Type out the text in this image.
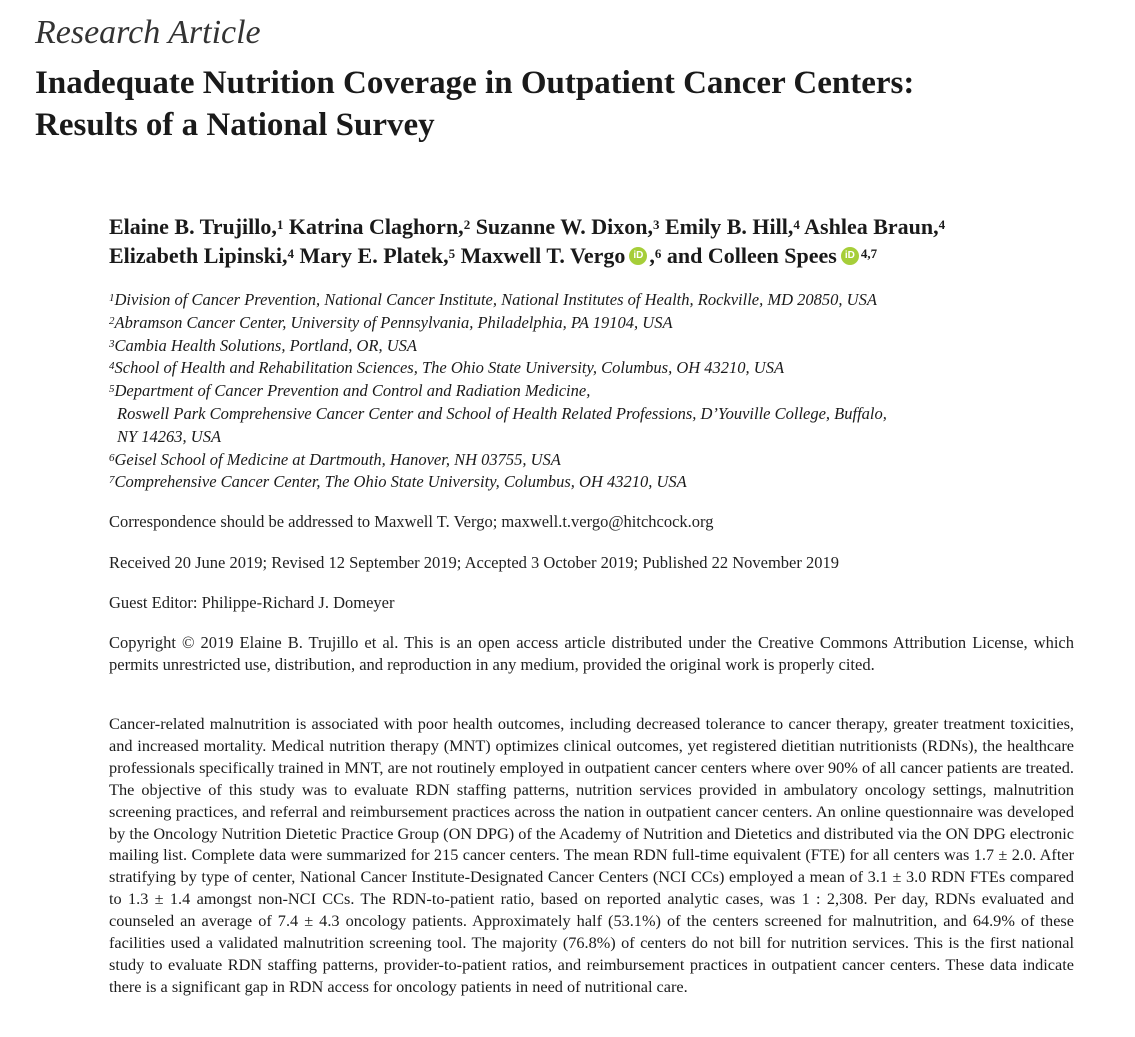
Research Article
Inadequate Nutrition Coverage in Outpatient Cancer Centers:
Results of a National Survey

Elaine B. Trujillo,$^1$ Katrina Claghorn,$^2$ Suzanne W. Dixon,$^3$ Emily B. Hill,$^4$ Ashlea Braun,$^4$
Elizabeth Lipinski,$^4$ Mary E. Platek,$^5$ Maxwell T. Vergo iD ,$^6$ and Colleen Spees iD $^{4,7}$

$^1$Division of Cancer Prevention, National Cancer Institute, National Institutes of Health, Rockville, MD 20850, USA
$^2$Abramson Cancer Center, University of Pennsylvania, Philadelphia, PA 19104, USA
$^3$Cambia Health Solutions, Portland, OR, USA
$^4$School of Health and Rehabilitation Sciences, The Ohio State University, Columbus, OH 43210, USA
$^5$Department of Cancer Prevention and Control and Radiation Medicine,
Roswell Park Comprehensive Cancer Center and School of Health Related Professions, D’Youville College, Buffalo,
NY 14263, USA
$^6$Geisel School of Medicine at Dartmouth, Hanover, NH 03755, USA
$^7$Comprehensive Cancer Center, The Ohio State University, Columbus, OH 43210, USA

Correspondence should be addressed to Maxwell T. Vergo; maxwell.t.vergo@hitchcock.org

Received 20 June 2019; Revised 12 September 2019; Accepted 3 October 2019; Published 22 November 2019

Guest Editor: Philippe-Richard J. Domeyer

Copyright © 2019 Elaine B. Trujillo et al. This is an open access article distributed under the Creative Commons Attribution License, which permits unrestricted use, distribution, and reproduction in any medium, provided the original work is properly cited.

Cancer-related malnutrition is associated with poor health outcomes, including decreased tolerance to cancer therapy, greater treatment toxicities, and increased mortality. Medical nutrition therapy (MNT) optimizes clinical outcomes, yet registered dietitian nutritionists (RDNs), the healthcare professionals specifically trained in MNT, are not routinely employed in outpatient cancer centers where over 90% of all cancer patients are treated. The objective of this study was to evaluate RDN staffing patterns, nutrition services provided in ambulatory oncology settings, malnutrition screening practices, and referral and reimbursement practices across the nation in outpatient cancer centers. An online questionnaire was developed by the Oncology Nutrition Dietetic Practice Group (ON DPG) of the Academy of Nutrition and Dietetics and distributed via the ON DPG electronic mailing list. Complete data were summarized for 215 cancer centers. The mean RDN full-time equivalent (FTE) for all centers was 1.7 ± 2.0. After stratifying by type of center, National Cancer Institute-Designated Cancer Centers (NCI CCs) employed a mean of 3.1 ± 3.0 RDN FTEs compared to 1.3 ± 1.4 amongst non-NCI CCs. The RDN-to-patient ratio, based on reported analytic cases, was 1 : 2,308. Per day, RDNs evaluated and counseled an average of 7.4 ± 4.3 oncology patients. Approximately half (53.1%) of the centers screened for malnutrition, and 64.9% of these facilities used a validated malnutrition screening tool. The majority (76.8%) of centers do not bill for nutrition services. This is the first national study to evaluate RDN staffing patterns, provider-to-patient ratios, and reimbursement practices in outpatient cancer centers. These data indicate there is a significant gap in RDN access for oncology patients in need of nutritional care.
